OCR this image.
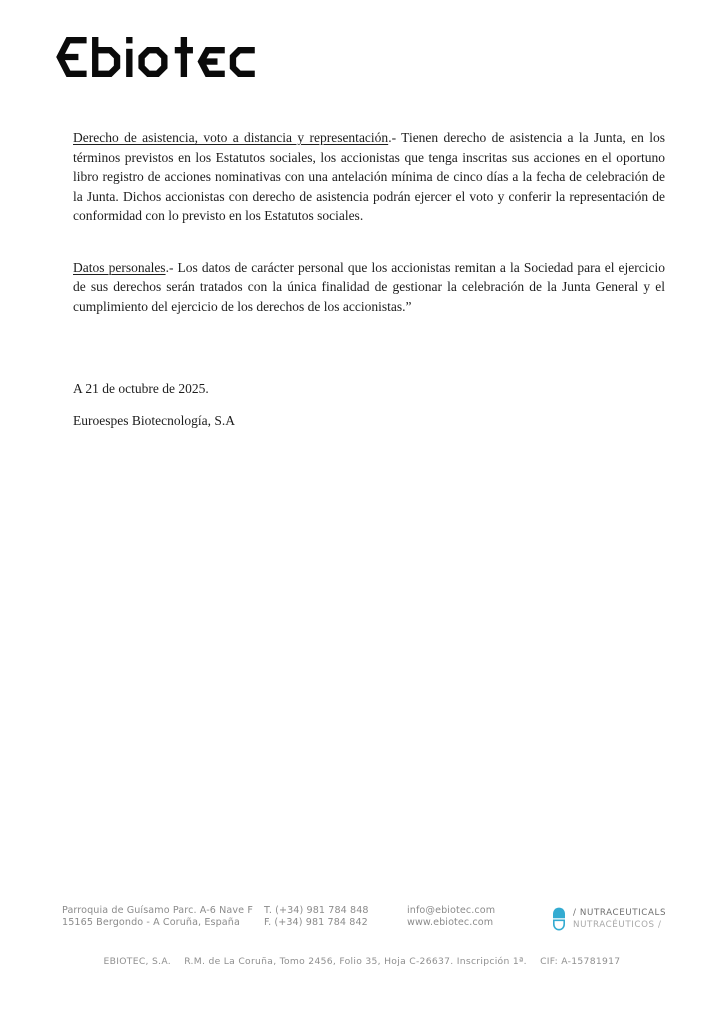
Derecho de asistencia, voto a distancia y representación.- Tienen derecho de asistencia a la Junta, en los términos previstos en los Estatutos sociales, los accionistas que tenga inscritas sus acciones en el oportuno libro registro de acciones nominativas con una antelación mínima de cinco días a la fecha de celebración de la Junta. Dichos accionistas con derecho de asistencia podrán ejercer el voto y conferir la representación de conformidad con lo previsto en los Estatutos sociales.

Datos personales.- Los datos de carácter personal que los accionistas remitan a la Sociedad para el ejercicio de sus derechos serán tratados con la única finalidad de gestionar la celebración de la Junta General y el cumplimiento del ejercicio de los derechos de los accionistas.”

A 21 de octubre de 2025.

Euroespes Biotecnología, S.A

Parroquia de Guísamo Parc. A-6 Nave F
15165 Bergondo - A Coruña, España
T. (+34) 981 784 848
F. (+34) 981 784 842
info@ebiotec.com
www.ebiotec.com
/ NUTRACEUTICALS
NUTRACÉUTICOS /
EBIOTEC, S.A. R.M. de La Coruña, Tomo 2456, Folio 35, Hoja C-26637. Inscripción 1ª. CIF: A-15781917
